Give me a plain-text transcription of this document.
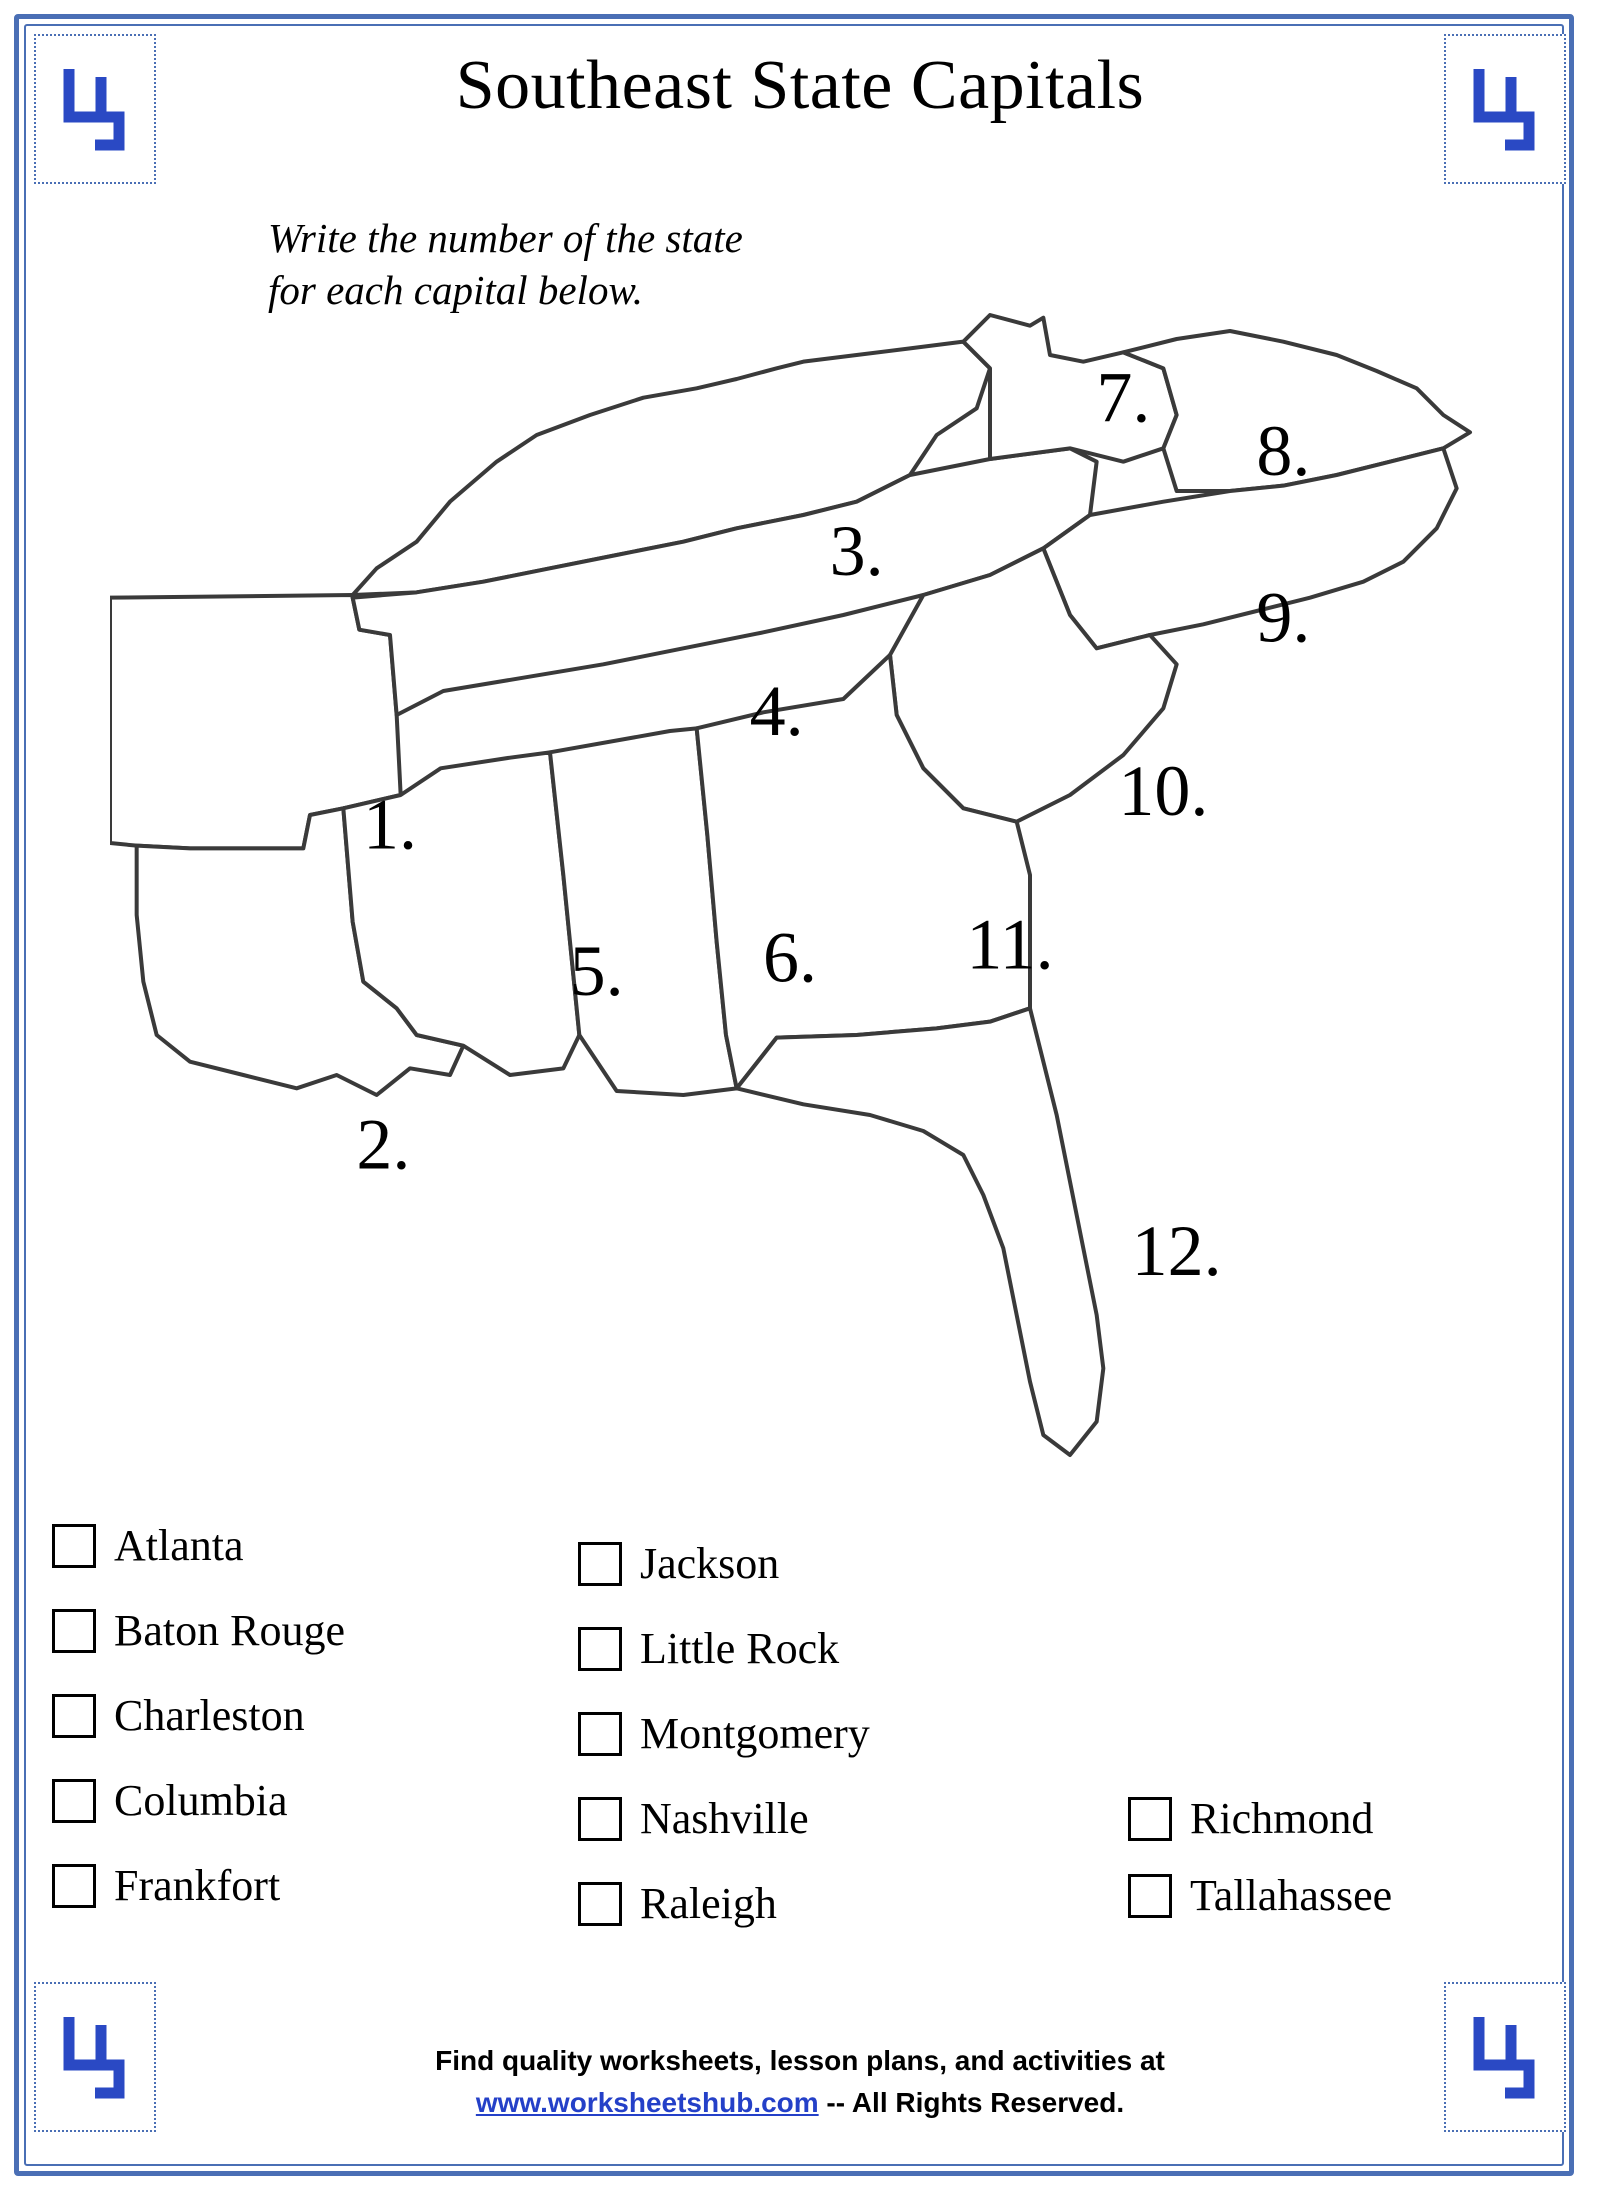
Southeast State Capitals
Write the number of the state
for each capital below.
1.
2.
3.
4.
5.	6.
7.
8.
9.
10.
11.
12.
Atlanta
Baton Rouge
Charleston
Columbia
Frankfort
Jackson
Little Rock
Montgomery
Nashville
Raleigh
Richmond
Tallahassee
Find quality worksheets, lesson plans, and activities at
www.worksheetshub.com -- All Rights Reserved.
